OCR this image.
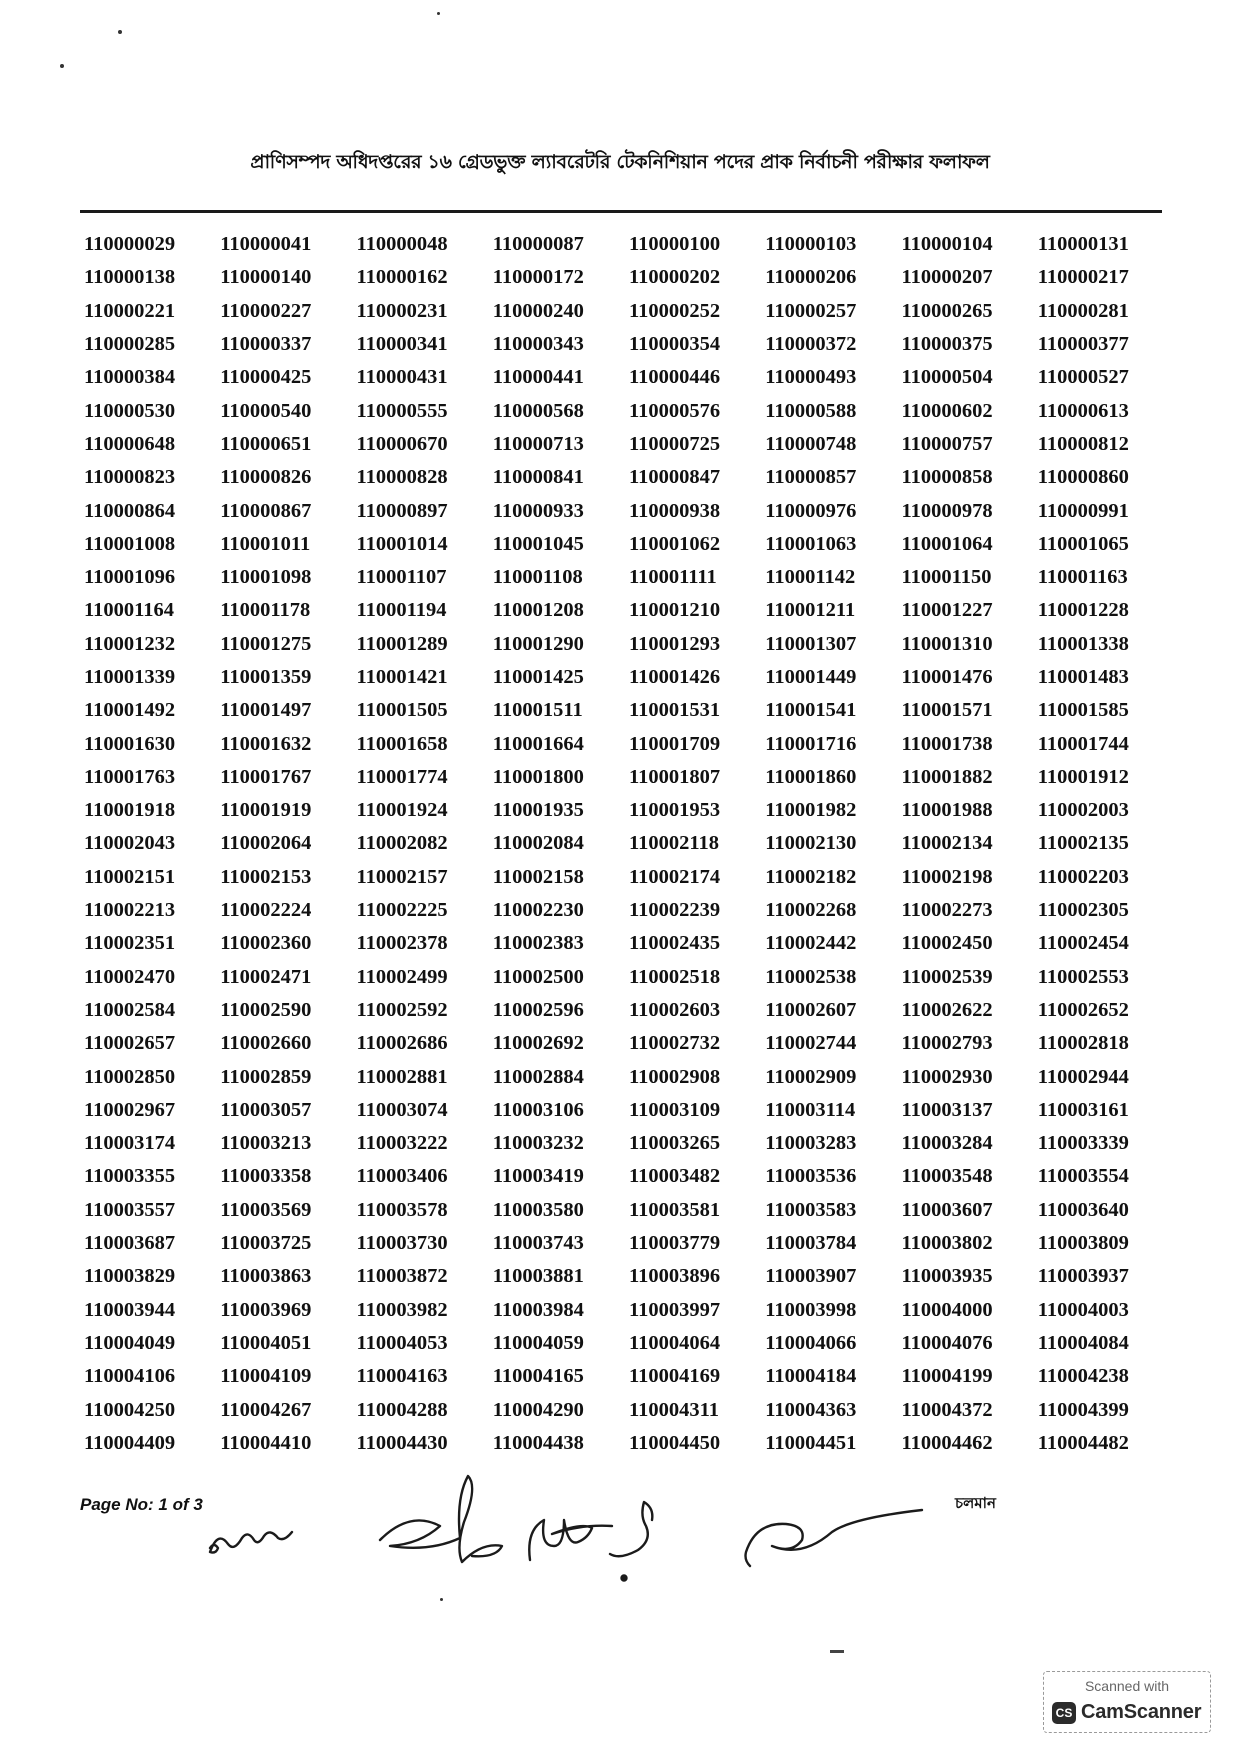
প্রাণিসম্পদ অধিদপ্তরের ১৬ গ্রেডভুক্ত ল্যাবরেটরি টেকনিশিয়ান পদের প্রাক নির্বাচনী পরীক্ষার ফলাফল
110000029	110000041	110000048	110000087	110000100	110000103	110000104	110000131
110000138	110000140	110000162	110000172	110000202	110000206	110000207	110000217
110000221	110000227	110000231	110000240	110000252	110000257	110000265	110000281
110000285	110000337	110000341	110000343	110000354	110000372	110000375	110000377
110000384	110000425	110000431	110000441	110000446	110000493	110000504	110000527
110000530	110000540	110000555	110000568	110000576	110000588	110000602	110000613
110000648	110000651	110000670	110000713	110000725	110000748	110000757	110000812
110000823	110000826	110000828	110000841	110000847	110000857	110000858	110000860
110000864	110000867	110000897	110000933	110000938	110000976	110000978	110000991
110001008	110001011	110001014	110001045	110001062	110001063	110001064	110001065
110001096	110001098	110001107	110001108	110001111	110001142	110001150	110001163
110001164	110001178	110001194	110001208	110001210	110001211	110001227	110001228
110001232	110001275	110001289	110001290	110001293	110001307	110001310	110001338
110001339	110001359	110001421	110001425	110001426	110001449	110001476	110001483
110001492	110001497	110001505	110001511	110001531	110001541	110001571	110001585
110001630	110001632	110001658	110001664	110001709	110001716	110001738	110001744
110001763	110001767	110001774	110001800	110001807	110001860	110001882	110001912
110001918	110001919	110001924	110001935	110001953	110001982	110001988	110002003
110002043	110002064	110002082	110002084	110002118	110002130	110002134	110002135
110002151	110002153	110002157	110002158	110002174	110002182	110002198	110002203
110002213	110002224	110002225	110002230	110002239	110002268	110002273	110002305
110002351	110002360	110002378	110002383	110002435	110002442	110002450	110002454
110002470	110002471	110002499	110002500	110002518	110002538	110002539	110002553
110002584	110002590	110002592	110002596	110002603	110002607	110002622	110002652
110002657	110002660	110002686	110002692	110002732	110002744	110002793	110002818
110002850	110002859	110002881	110002884	110002908	110002909	110002930	110002944
110002967	110003057	110003074	110003106	110003109	110003114	110003137	110003161
110003174	110003213	110003222	110003232	110003265	110003283	110003284	110003339
110003355	110003358	110003406	110003419	110003482	110003536	110003548	110003554
110003557	110003569	110003578	110003580	110003581	110003583	110003607	110003640
110003687	110003725	110003730	110003743	110003779	110003784	110003802	110003809
110003829	110003863	110003872	110003881	110003896	110003907	110003935	110003937
110003944	110003969	110003982	110003984	110003997	110003998	110004000	110004003
110004049	110004051	110004053	110004059	110004064	110004066	110004076	110004084
110004106	110004109	110004163	110004165	110004169	110004184	110004199	110004238
110004250	110004267	110004288	110004290	110004311	110004363	110004372	110004399
110004409	110004410	110004430	110004438	110004450	110004451	110004462	110004482
Page No: 1 of 3	চলমান
Scanned with
CS CamScanner
